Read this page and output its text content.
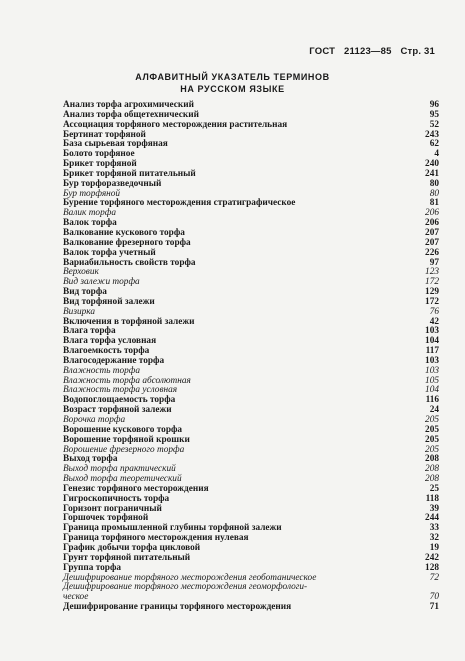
ГОСТ 21123—85 Стр. 31
АЛФАВИТНЫЙ УКАЗАТЕЛЬ ТЕРМИНОВ
НА РУССКОМ ЯЗЫКЕ
Анализ торфа агрохимический	96
Анализ торфа общетехнический	95
Ассоциация торфяного месторождения растительная	52
Бертинат торфяной	243
База сырьевая торфяная	62
Болото торфяное	4
Брикет торфяной	240
Брикет торфяной питательный	241
Бур торфоразведочный	80
Бур торфяной	80
Бурение торфяного месторождения стратиграфическое	81
Валик торфа	206
Валок торфа	206
Валкование кускового торфа	207
Валкование фрезерного торфа	207
Валок торфа учетный	226
Вариабильность свойств торфа	97
Верховик	123
Вид залежи торфа	172
Вид торфа	129
Вид торфяной залежи	172
Визирка	76
Включения в торфяной залежи	42
Влага торфа	103
Влага торфа условная	104
Влагоемкость торфа	117
Влагосодержание торфа	103
Влажность торфа	103
Влажность торфа абсолютная	105
Влажность торфа условная	104
Водопоглощаемость торфа	116
Возраст торфяной залежи	24
Ворочка торфа	205
Ворошение кускового торфа	205
Ворошение торфяной крошки	205
Ворошение фрезерного торфа	205
Выход торфа	208
Выход торфа практический	208
Выход торфа теоретический	208
Генезис торфяного месторождения	25
Гигроскопичность торфа	118
Горизонт пограничный	39
Горшочек торфяной	244
Граница промышленной глубины торфяной залежи	33
Граница торфяного месторождения нулевая	32
График добычи торфа цикловой	19
Грунт торфяной питательный	242
Группа торфа	128
Дешифрирование торфяного месторождения геоботаническое	72
Дешифрирование торфяного месторождения геоморфологи-
ческое	70
Дешифрирование границы торфяного месторождения	71
